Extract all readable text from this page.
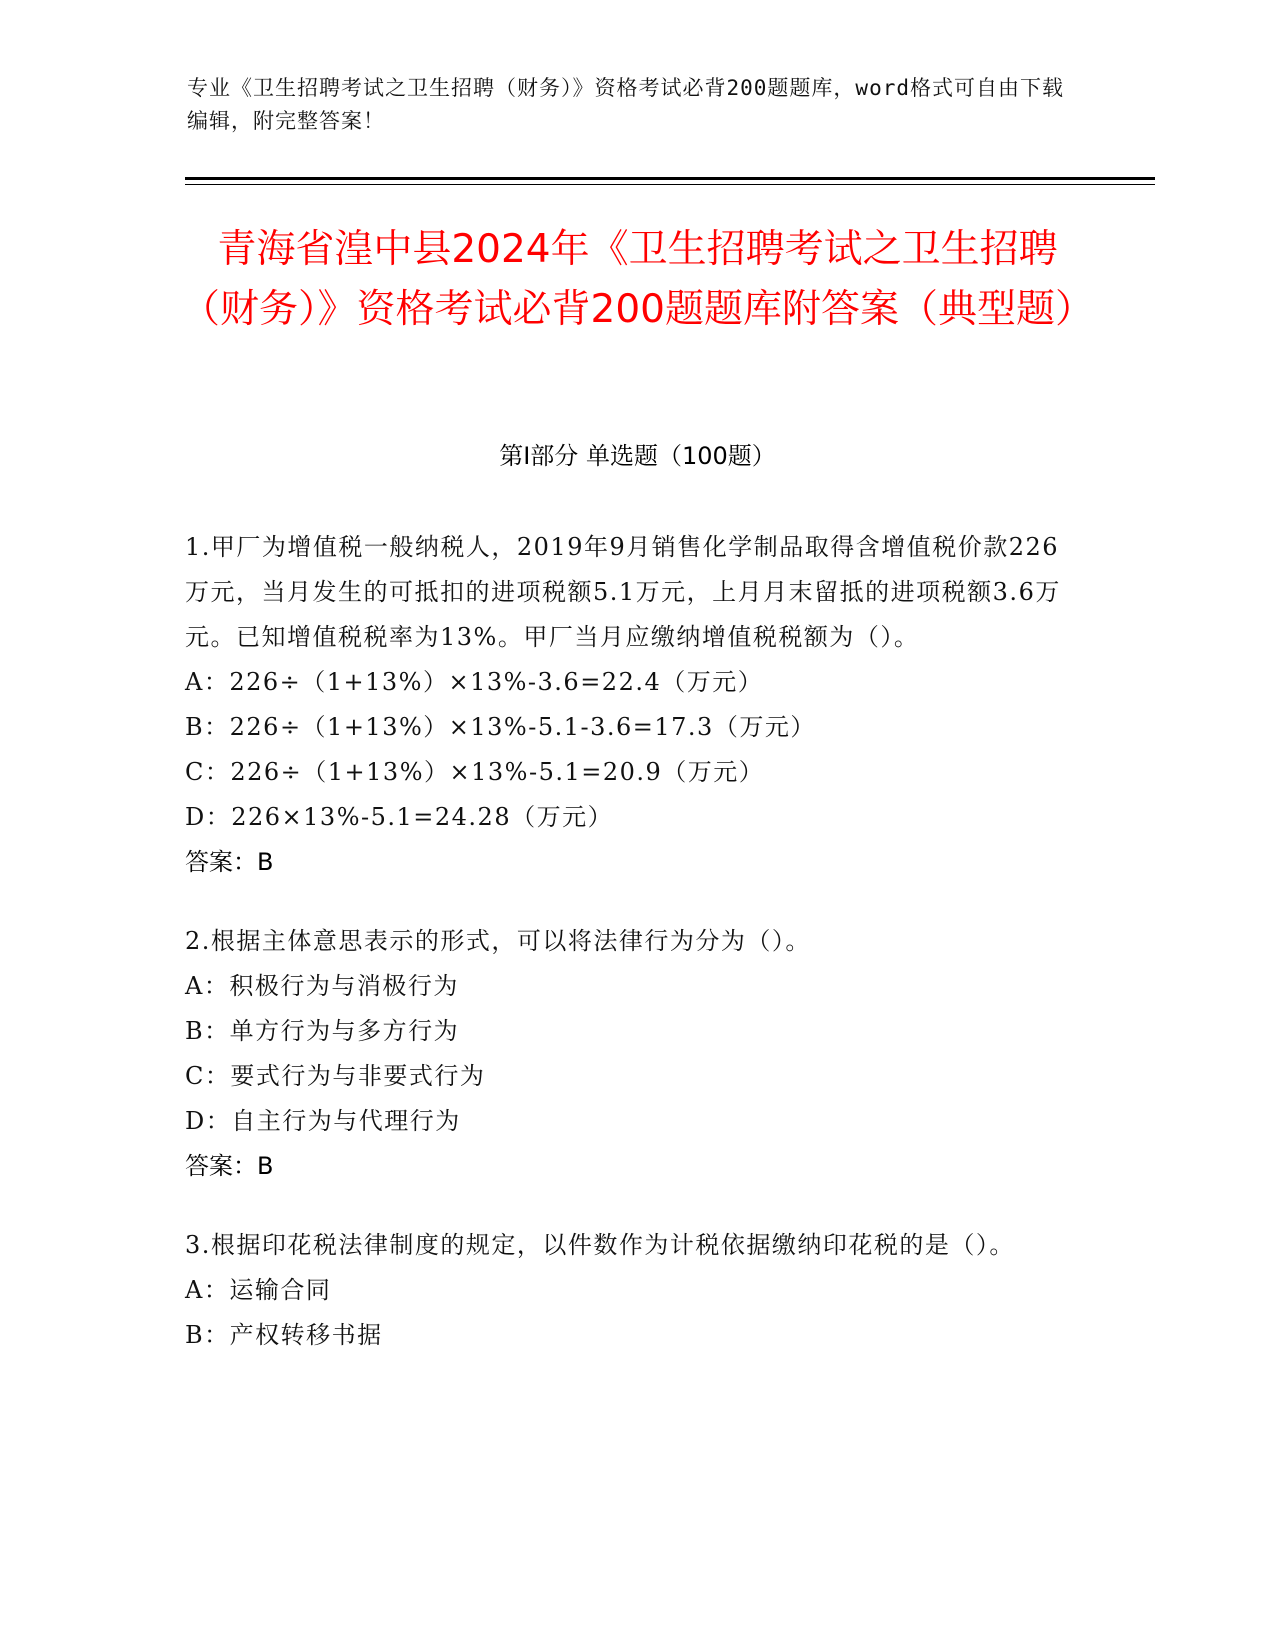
专业《卫生招聘考试之卫生招聘（财务）》资格考试必背200题题库，word格式可自由下载编辑，附完整答案！
青海省湟中县2024年《卫生招聘考试之卫生招聘（财务）》资格考试必背200题题库附答案（典型题）
第I部分 单选题（100题）

1.甲厂为增值税一般纳税人，2019年9月销售化学制品取得含增值税价款226万元，当月发生的可抵扣的进项税额5.1万元，上月月末留抵的进项税额3.6万元。已知增值税税率为13%。甲厂当月应缴纳增值税税额为（）。

A：226÷（1+13%）×13%-3.6=22.4（万元）

B：226÷（1+13%）×13%-5.1-3.6=17.3（万元）

C：226÷（1+13%）×13%-5.1=20.9（万元）

D：226×13%-5.1=24.28（万元）

答案：B

2.根据主体意思表示的形式，可以将法律行为分为（）。

A：积极行为与消极行为

B：单方行为与多方行为

C：要式行为与非要式行为

D：自主行为与代理行为

答案：B

3.根据印花税法律制度的规定，以件数作为计税依据缴纳印花税的是（）。

A：运输合同

B：产权转移书据
